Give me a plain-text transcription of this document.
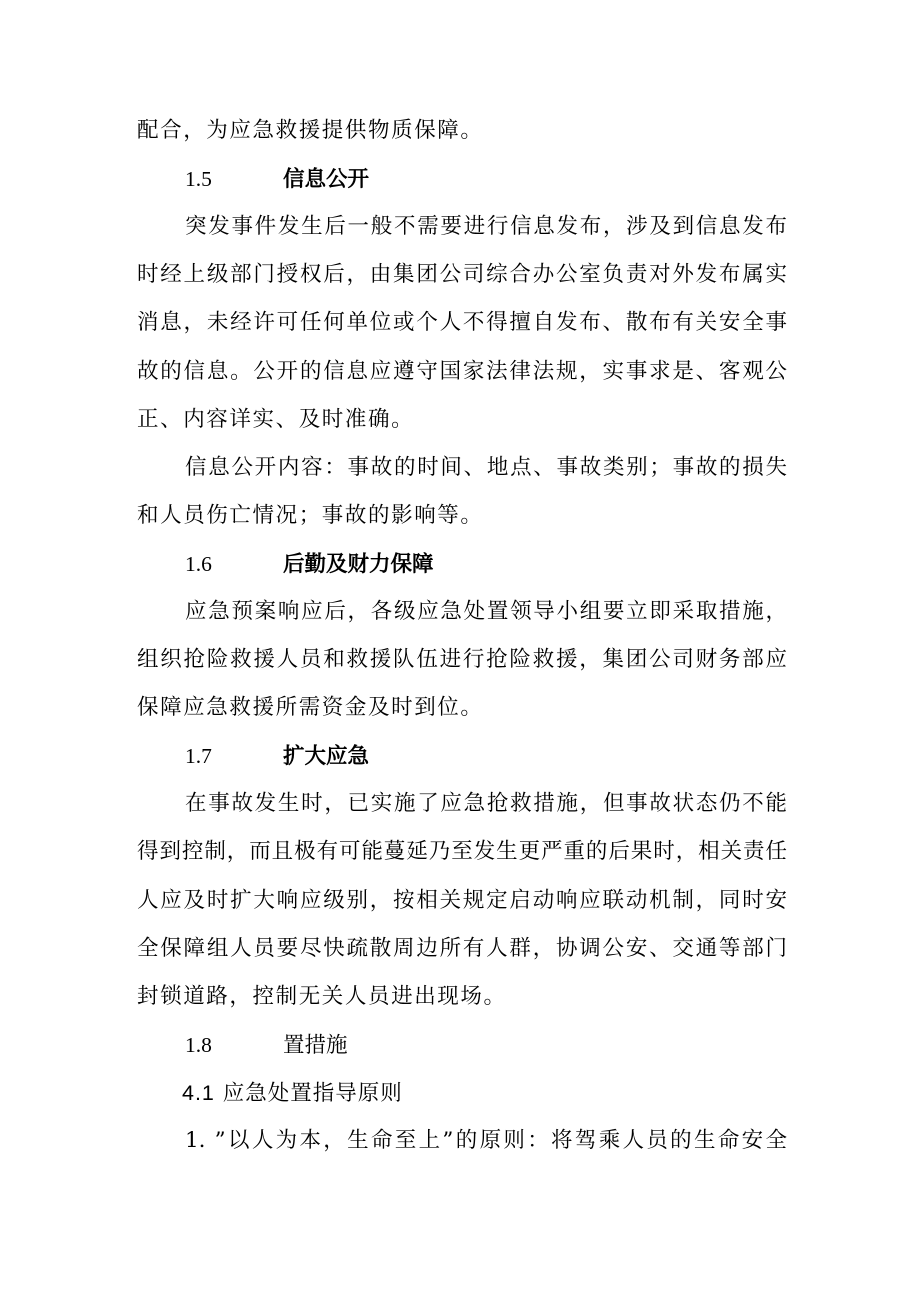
配合，为应急救援提供物质保障。
1.5	信息公开
突发事件发生后一般不需要进行信息发布，涉及到信息发布
时经上级部门授权后，由集团公司综合办公室负责对外发布属实
消息，未经许可任何单位或个人不得擅自发布、散布有关安全事
故的信息。公开的信息应遵守国家法律法规，实事求是、客观公
正、内容详实、及时准确。
信息公开内容：事故的时间、地点、事故类别；事故的损失
和人员伤亡情况；事故的影响等。
1.6	后勤及财力保障
应急预案响应后，各级应急处置领导小组要立即采取措施，
组织抢险救援人员和救援队伍进行抢险救援，集团公司财务部应
保障应急救援所需资金及时到位。
1.7	扩大应急
在事故发生时，已实施了应急抢救措施，但事故状态仍不能
得到控制，而且极有可能蔓延乃至发生更严重的后果时，相关责任
人应及时扩大响应级别，按相关规定启动响应联动机制，同时安
全保障组人员要尽快疏散周边所有人群，协调公安、交通等部门
封锁道路，控制无关人员进出现场。
1.8	置措施
4.1 应急处置指导原则
1. ”以人为本，生命至上”的原则：将驾乘人员的生命安全
